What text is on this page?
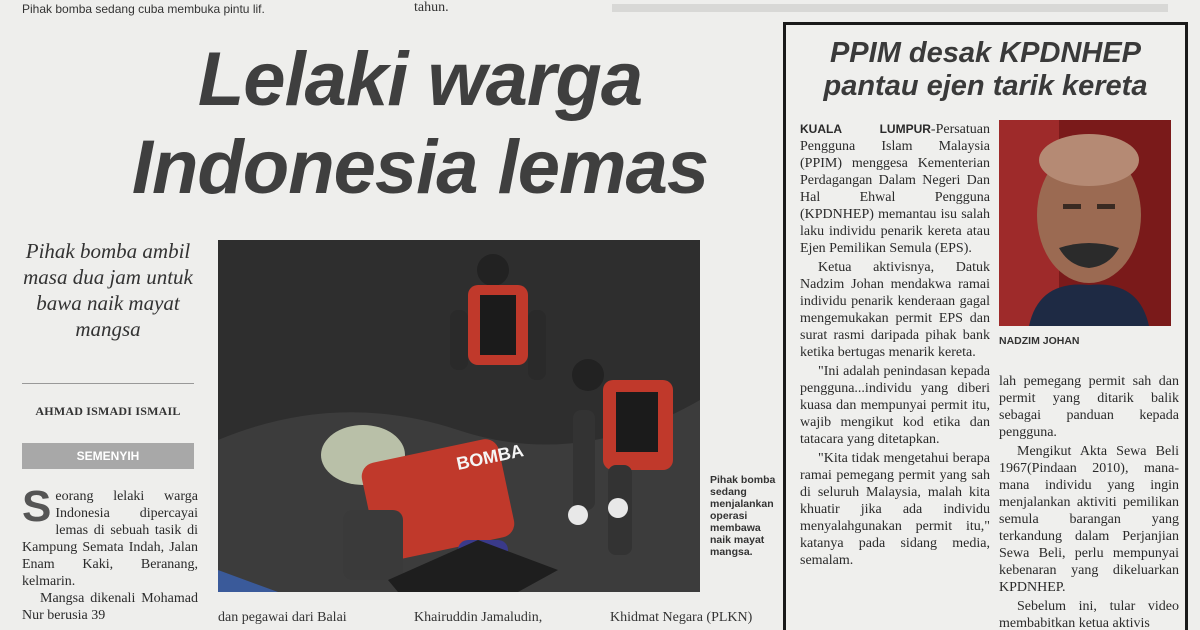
Pihak bomba sedang cuba membuka pintu lif.	tahun.
Lelaki warga
Indonesia lemas
Pihak bomba ambil masa dua jam untuk bawa naik mayat mangsa
AHMAD ISMADI ISMAIL
SEMENYIH

Seorang lelaki warga Indonesia dipercayai lemas di sebuah tasik di Kampung Semata Indah, Jalan Enam Kaki, Beranang, kelmarin.

Mangsa dikenali Mohamad Nur berusia 39

BOMBA
Pihak bomba sedang menjalankan operasi membawa naik mayat mangsa.
dan pegawai dari Balai	Khairuddin Jamaludin,	Khidmat Negara (PLKN)
PPIM desak KPDNHEP
pantau ejen tarik kereta

KUALA LUMPUR-Persatuan Pengguna Islam Malaysia (PPIM) menggesa Kementerian Perdagangan Dalam Negeri Dan Hal Ehwal Pengguna (KPDNHEP) memantau isu salah laku individu penarik kereta atau Ejen Pemilikan Semula (EPS).

Ketua aktivisnya, Datuk Nadzim Johan mendakwa ramai individu penarik kenderaan gagal mengemukakan permit EPS dan surat rasmi daripada pihak bank ketika bertugas menarik kereta.

"Ini adalah penindasan kepada pengguna...individu yang diberi kuasa dan mempunyai permit itu, wajib mengikut kod etika dan tatacara yang ditetapkan.

"Kita tidak mengetahui berapa ramai pemegang permit yang sah di seluruh Malaysia, malah kita khuatir jika ada individu menyalahgunakan permit itu," katanya pada sidang media, semalam.

NADZIM JOHAN

lah pemegang permit sah dan permit yang ditarik balik sebagai panduan kepada pengguna.

Mengikut Akta Sewa Beli 1967(Pindaan 2010), mana-mana individu yang ingin menjalankan aktiviti pemilikan semula barangan yang terkandung dalam Perjanjian Sewa Beli, perlu mempunyai kebenaran yang dikeluarkan KPDNHEP.

Sebelum ini, tular video membabitkan ketua aktivis
